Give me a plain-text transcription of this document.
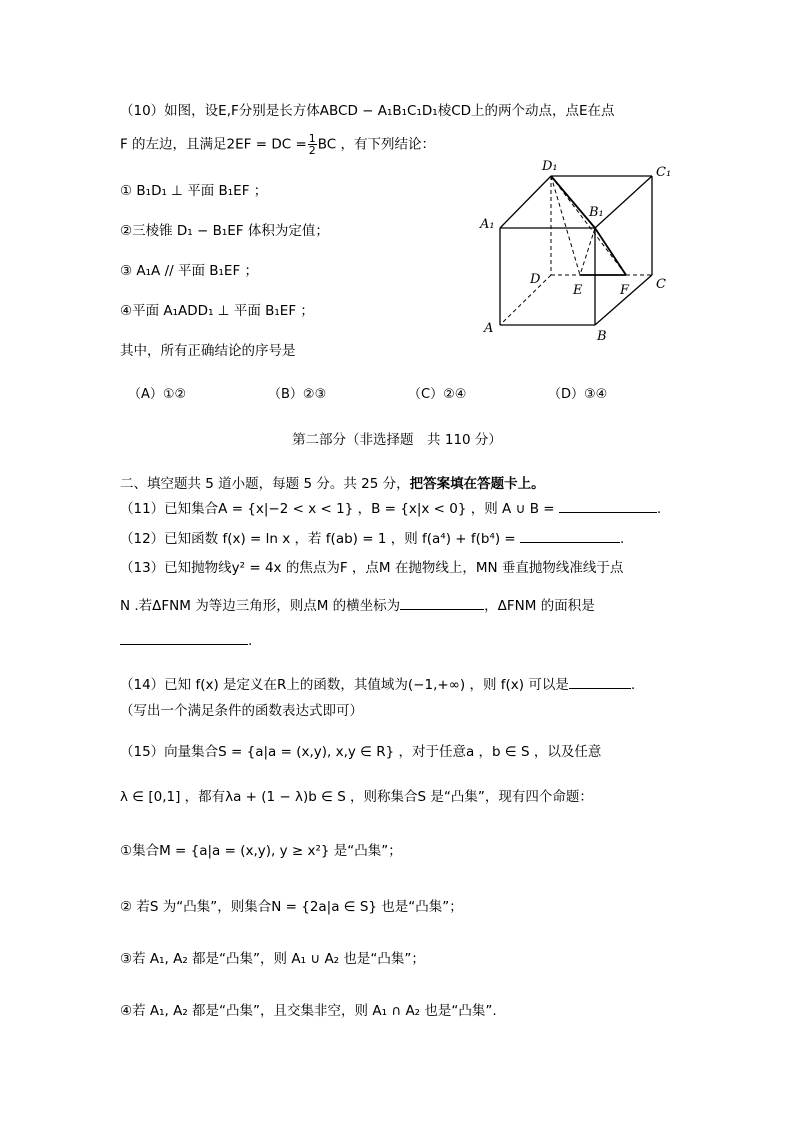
（10）如图，设E,F分别是长方体ABCD − A₁B₁C₁D₁棱CD上的两个动点，点E在点
F 的左边，且满足2EF = DC = $\frac{1}{2}$ BC ，有下列结论：
① B₁D₁ ⊥ 平面 B₁EF ；
②三棱锥 D₁ − B₁EF 体积为定值；
③ A₁A // 平面 B₁EF ；
④平面 A₁ADD₁ ⊥ 平面 B₁EF ；
其中，所有正确结论的序号是
D₁	C₁
A₁
B₁
D
E	F C
A
B
（A）①②	（B）②③	（C）②④	（D）③④
第二部分（非选择题　共 110 分）
二、填空题共 5 道小题，每题 5 分。共 25 分，把答案填在答题卡上。
（11）已知集合A = {x|−2 < x < 1} ，B = {x|x < 0} ，则 A ∪ B =	.
（12）已知函数 f(x) = ln x ，若 f(ab) = 1 ，则 f(a⁴) + f(b⁴) =	.
（13）已知抛物线y² = 4x 的焦点为F ，点M 在抛物线上，MN 垂直抛物线准线于点
N .若ΔFNM 为等边三角形，则点M 的横坐标为	，ΔFNM 的面积是
.
（14）已知 f(x) 是定义在R上的函数，其值域为(−1,+∞) ，则 f(x) 可以是	.
（写出一个满足条件的函数表达式即可）
（15）向量集合S = {a|a = (x,y), x,y ∈ R} ，对于任意a ，b ∈ S ，以及任意
λ ∈ [0,1] ，都有λa + (1 − λ)b ∈ S ，则称集合S 是“凸集”，现有四个命题：
①集合M = {a|a = (x,y), y ≥ x²} 是“凸集”；
② 若S 为“凸集”，则集合N = {2a|a ∈ S} 也是“凸集”；
③若 A₁, A₂ 都是“凸集”，则 A₁ ∪ A₂ 也是“凸集”；
④若 A₁, A₂ 都是“凸集”，且交集非空，则 A₁ ∩ A₂ 也是“凸集”.
